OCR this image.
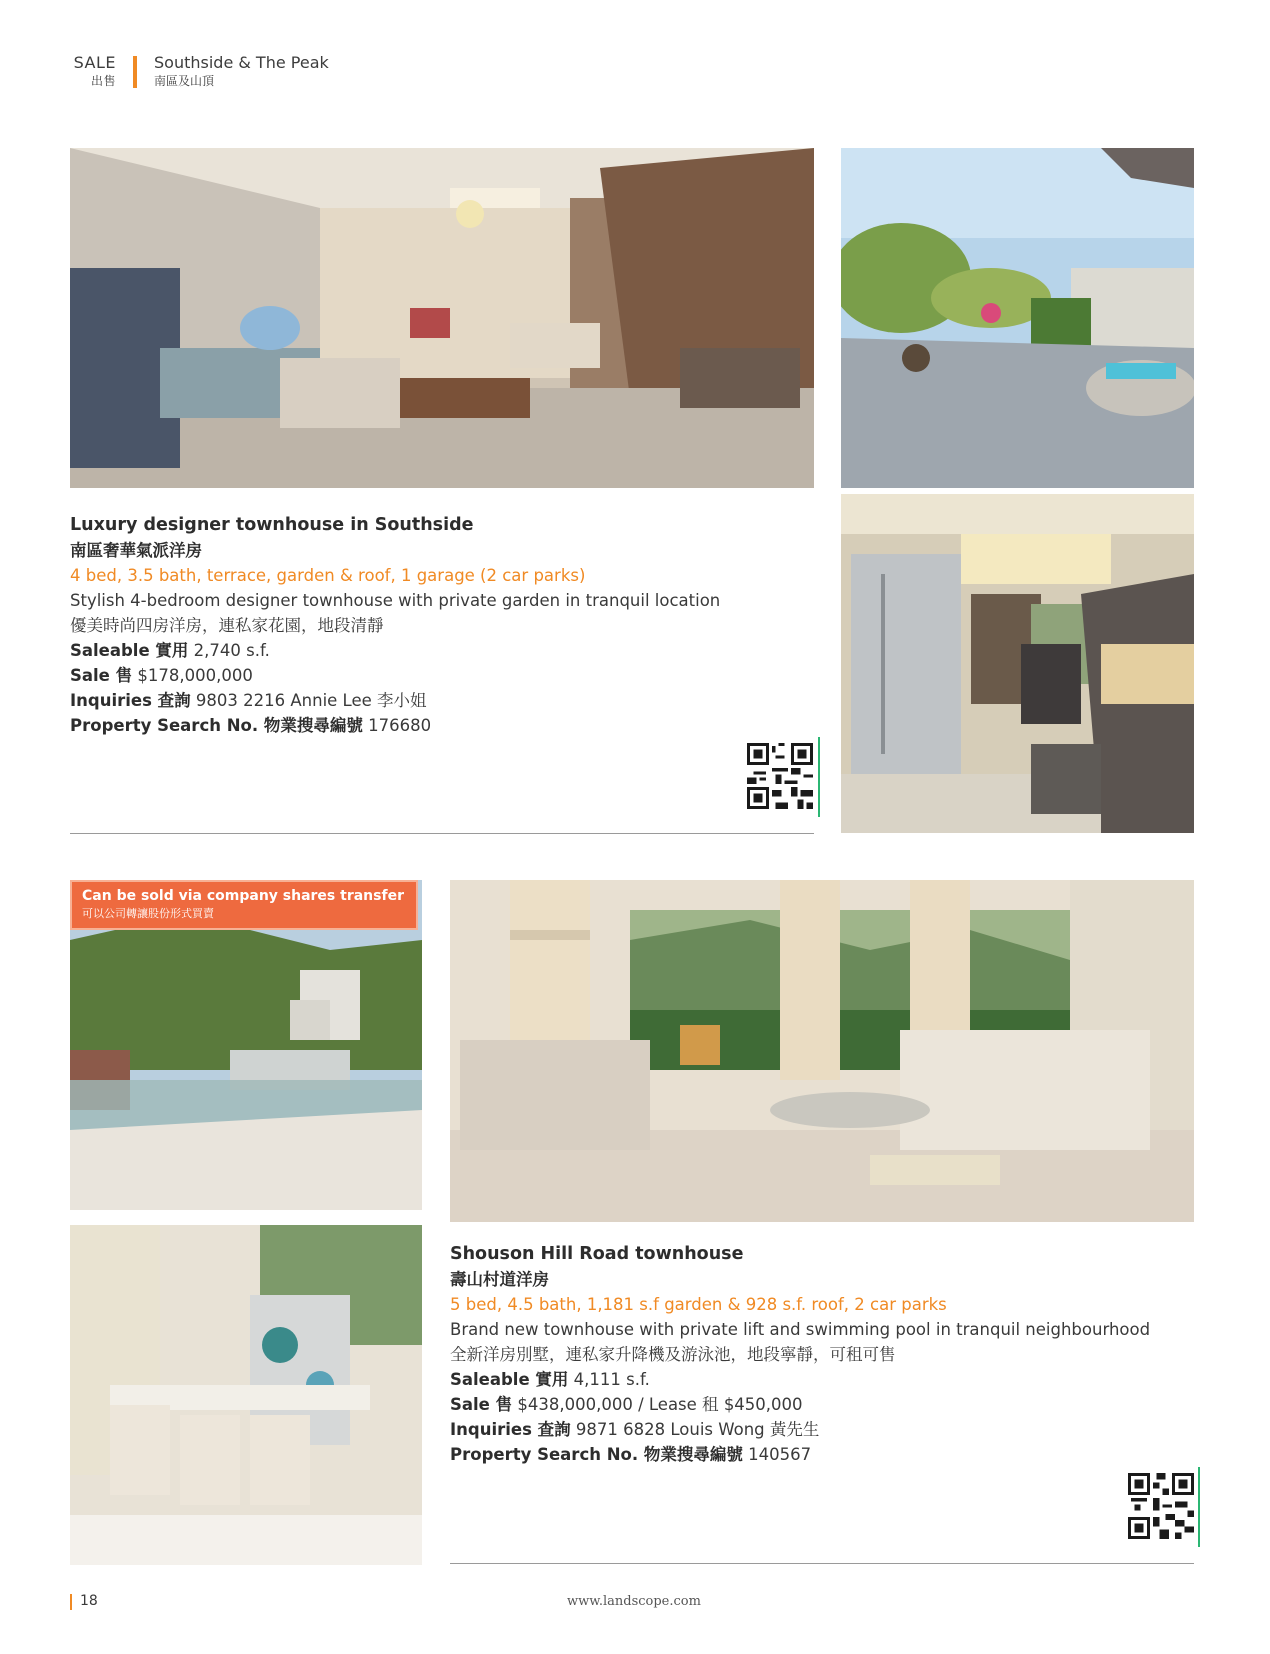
SALE
出售
Southside & The Peak
南區及山頂
Luxury designer townhouse in Southside
南區奢華氣派洋房
4 bed, 3.5 bath, terrace, garden & roof, 1 garage (2 car parks)
Stylish 4-bedroom designer townhouse with private garden in tranquil location
優美時尚四房洋房，連私家花園，地段清靜
Saleable 實用 2,740 s.f.
Sale 售 $178,000,000
Inquiries 查詢 9803 2216 Annie Lee 李小姐
Property Search No. 物業搜尋編號 176680
Can be sold via company shares transfer
可以公司轉讓股份形式買賣
Shouson Hill Road townhouse
壽山村道洋房
5 bed, 4.5 bath, 1,181 s.f garden & 928 s.f. roof, 2 car parks
Brand new townhouse with private lift and swimming pool in tranquil neighbourhood
全新洋房別墅，連私家升降機及游泳池，地段寧靜，可租可售
Saleable 實用 4,111 s.f.
Sale 售 $438,000,000 / Lease 租 $450,000
Inquiries 查詢 9871 6828 Louis Wong 黃先生
Property Search No. 物業搜尋編號 140567
18	www.landscope.com
